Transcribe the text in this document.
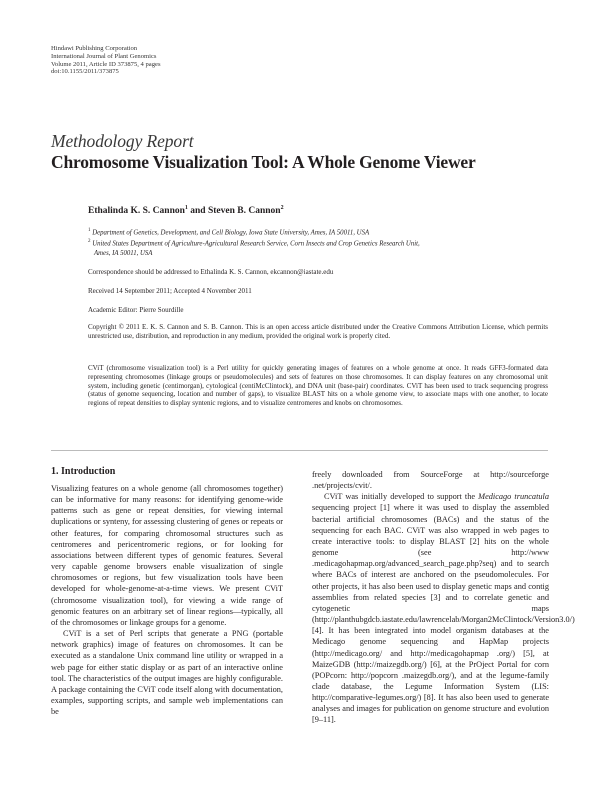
Hindawi Publishing Corporation
International Journal of Plant Genomics
Volume 2011, Article ID 373875, 4 pages
doi:10.1155/2011/373875
Methodology Report
Chromosome Visualization Tool: A Whole Genome Viewer
Ethalinda K. S. Cannon$^1$ and Steven B. Cannon$^2$
$^1$ Department of Genetics, Development, and Cell Biology, Iowa State University, Ames, IA 50011, USA
$^2$ United States Department of Agriculture-Agricultural Research Service, Corn Insects and Crop Genetics Research Unit,
Ames, IA 50011, USA
Correspondence should be addressed to Ethalinda K. S. Cannon, ekcannon@iastate.edu
Received 14 September 2011; Accepted 4 November 2011
Academic Editor: Pierre Sourdille
Copyright © 2011 E. K. S. Cannon and S. B. Cannon. This is an open access article distributed under the Creative Commons Attribution License, which permits unrestricted use, distribution, and reproduction in any medium, provided the original work is properly cited.
CViT (chromosome visualization tool) is a Perl utility for quickly generating images of features on a whole genome at once. It reads GFF3-formated data representing chromosomes (linkage groups or pseudomolecules) and sets of features on those chromosomes. It can display features on any chromosomal unit system, including genetic (centimorgan), cytological (centiMcClintock), and DNA unit (base-pair) coordinates. CViT has been used to track sequencing progress (status of genome sequencing, location and number of gaps), to visualize BLAST hits on a whole genome view, to associate maps with one another, to locate regions of repeat densities to display syntenic regions, and to visualize centromeres and knobs on chromosomes.
1. Introduction

Visualizing features on a whole genome (all chromosomes together) can be informative for many reasons: for identifying genome-wide patterns such as gene or repeat densities, for viewing internal duplications or synteny, for assessing clustering of genes or repeats or other features, for comparing chromosomal structures such as centromeres and pericentromeric regions, or for looking for associations between different types of genomic features. Several very capable genome browsers enable visualization of single chromosomes or regions, but few visualization tools have been developed for whole-genome-at-a-time views. We present CViT (chromosome visualization tool), for viewing a wide range of genomic features on an arbitrary set of linear regions—typically, all of the chromosomes or linkage groups for a genome.

CViT is a set of Perl scripts that generate a PNG (portable network graphics) image of features on chromosomes. It can be executed as a standalone Unix command line utility or wrapped in a web page for either static display or as part of an interactive online tool. The characteristics of the output images are highly configurable. A package containing the CViT code itself along with documentation, examples, supporting scripts, and sample web implementations can be

freely downloaded from SourceForge at http://sourceforge .net/projects/cvit/.

CViT was initially developed to support the Medicago truncatula sequencing project [1] where it was used to display the assembled bacterial artificial chromosomes (BACs) and the status of the sequencing for each BAC. CViT was also wrapped in web pages to create interactive tools: to display BLAST [2] hits on the whole genome (see http://www .medicagohapmap.org/advanced_search_page.php?seq) and to search where BACs of interest are anchored on the pseudomolecules. For other projects, it has also been used to display genetic maps and contig assemblies from related species [3] and to correlate genetic and cytogenetic maps (http://planthubgdcb.iastate.edu/lawrencelab/Morgan2McClintock/Version3.0/) [4]. It has been integrated into model organism databases at the Medicago genome sequencing and HapMap projects (http://medicago.org/ and http://medicagohapmap .org/) [5], at MaizeGDB (http://maizegdb.org/) [6], at the PrOject Portal for corn (POPcorn: http://popcorn .maizegdb.org/), and at the legume-family clade database, the Legume Information System (LIS: http://comparative-legumes.org/) [8]. It has also been used to generate analyses and images for publication on genome structure and evolution [9–11].
